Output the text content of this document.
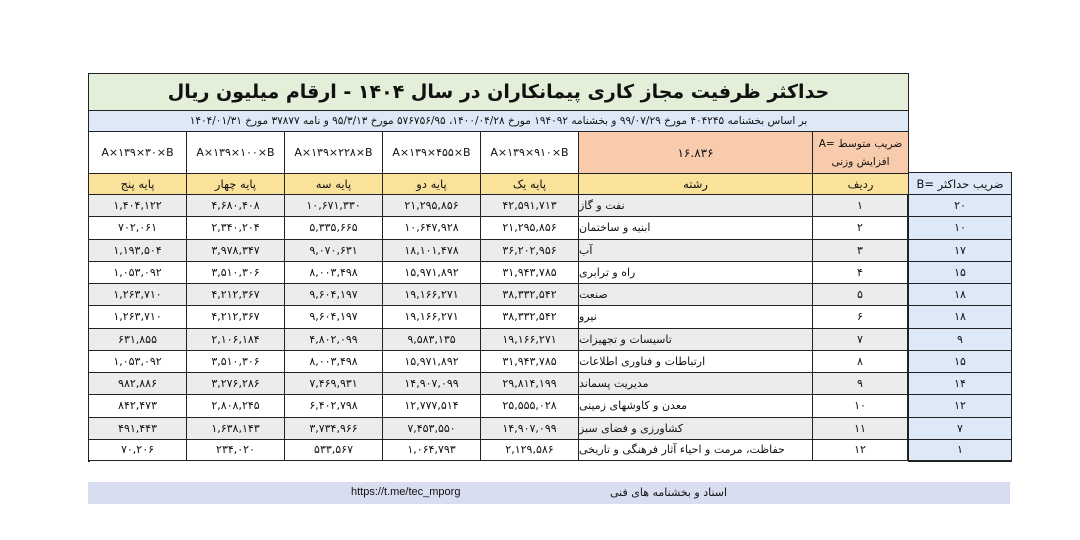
حداکثر ظرفیت مجاز کاری پیمانکاران در سال ۱۴۰۴ - ارقام میلیون ریال
بر اساس بخشنامه ۴۰۴۲۴۵ مورخ ۹۹/۰۷/۲۹ و بخشنامه ۱۹۴۰۹۲ مورخ ۱۴۰۰/۰۴/۲۸، ۵۷۶۷۵۶/۹۵ مورخ ۹۵/۳/۱۳ و نامه ۳۷۸۷۷ مورخ ۱۴۰۴/۰۱/۳۱
A×۱۳۹×۳۰×B A×۱۳۹×۱۰۰×B A×۱۳۹×۲۲۸×B A×۱۳۹×۴۵۵×B A×۱۳۹×۹۱۰×B	۱۶.۸۳۶
ضریب متوسط =A
افزایش وزنی
پایه پنج	پایه چهار	پایه سه	پایه دو	پایه یک	رشته	ردیف	ضریب حداکثر =B
۱,۴۰۴,۱۲۲	۴,۶۸۰,۴۰۸	۱۰,۶۷۱,۳۳۰	۲۱,۲۹۵,۸۵۶	۴۲,۵۹۱,۷۱۳ نفت و گاز	۱	۲۰
۷۰۲,۰۶۱	۲,۳۴۰,۲۰۴	۵,۳۳۵,۶۶۵	۱۰,۶۴۷,۹۲۸	۲۱,۲۹۵,۸۵۶ ابنیه و ساختمان	۲	۱۰
۱,۱۹۳,۵۰۴	۳,۹۷۸,۳۴۷	۹,۰۷۰,۶۳۱	۱۸,۱۰۱,۴۷۸	۳۶,۲۰۲,۹۵۶ آب	۳	۱۷
۱,۰۵۳,۰۹۲	۳,۵۱۰,۳۰۶	۸,۰۰۳,۴۹۸	۱۵,۹۷۱,۸۹۲	۳۱,۹۴۳,۷۸۵ راه و ترابری	۴	۱۵
۱,۲۶۳,۷۱۰	۴,۲۱۲,۳۶۷	۹,۶۰۴,۱۹۷	۱۹,۱۶۶,۲۷۱	۳۸,۳۳۲,۵۴۲ صنعت	۵	۱۸
۱,۲۶۳,۷۱۰	۴,۲۱۲,۳۶۷	۹,۶۰۴,۱۹۷	۱۹,۱۶۶,۲۷۱	۳۸,۳۳۲,۵۴۲ نیرو	۶	۱۸
۶۳۱,۸۵۵	۲,۱۰۶,۱۸۴	۴,۸۰۲,۰۹۹	۹,۵۸۳,۱۳۵	۱۹,۱۶۶,۲۷۱ تاسیسات و تجهیزات	۷	۹
۱,۰۵۳,۰۹۲	۳,۵۱۰,۳۰۶	۸,۰۰۳,۴۹۸	۱۵,۹۷۱,۸۹۲	۳۱,۹۴۳,۷۸۵ ارتباطات و فناوری اطلاعات	۸	۱۵
۹۸۲,۸۸۶	۳,۲۷۶,۲۸۶	۷,۴۶۹,۹۳۱	۱۴,۹۰۷,۰۹۹	۲۹,۸۱۴,۱۹۹ مدیریت پسماند	۹	۱۴
۸۴۲,۴۷۳	۲,۸۰۸,۲۴۵	۶,۴۰۲,۷۹۸	۱۲,۷۷۷,۵۱۴	۲۵,۵۵۵,۰۲۸ معدن و کاوشهای زمینی	۱۰	۱۲
۴۹۱,۴۴۳	۱,۶۳۸,۱۴۳	۳,۷۳۴,۹۶۶	۷,۴۵۳,۵۵۰	۱۴,۹۰۷,۰۹۹ کشاورزی و فضای سبز	۱۱	۷
۷۰,۲۰۶	۲۳۴,۰۲۰	۵۳۳,۵۶۷	۱,۰۶۴,۷۹۳	۲,۱۲۹,۵۸۶ حفاظت، مرمت و احیاء آثار فرهنگی و تاریخی	۱۲	۱
https://t.me/tec_mporg	اسناد و بخشنامه های فنی
